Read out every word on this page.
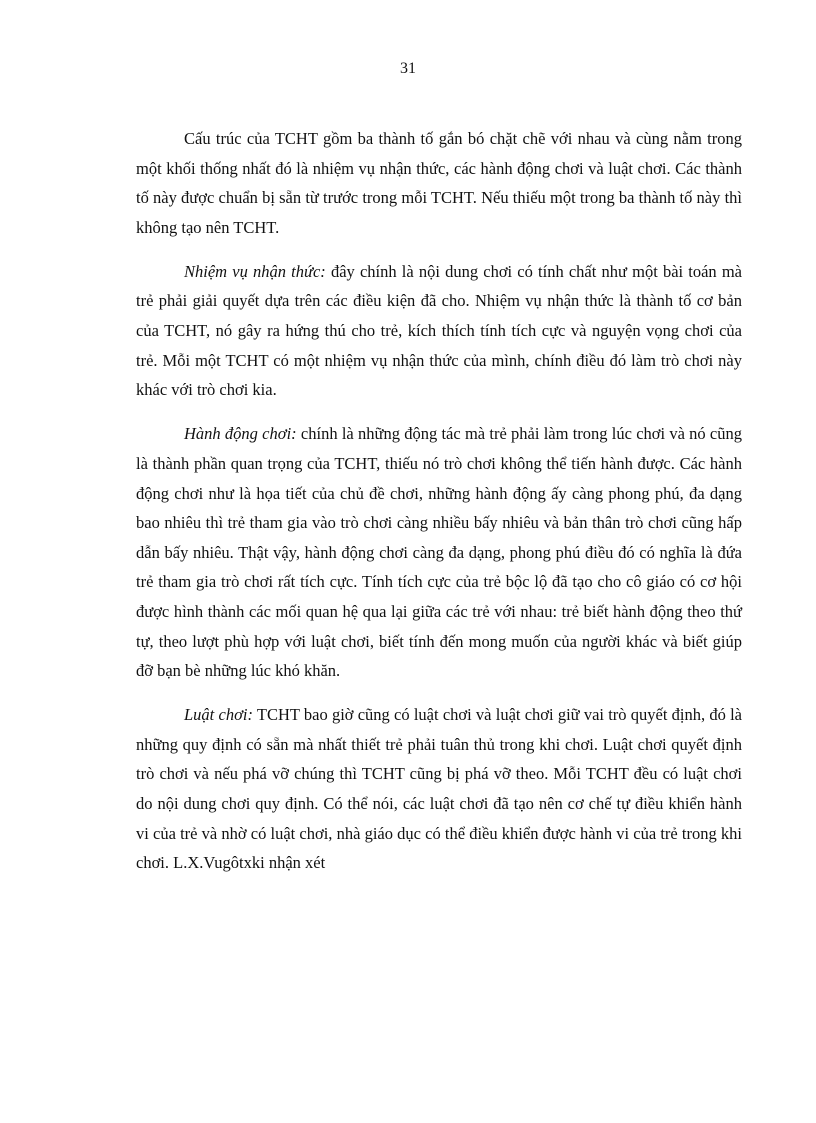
31

Cấu trúc của TCHT gồm ba thành tố gắn bó chặt chẽ với nhau và cùng nằm trong một khối thống nhất đó là nhiệm vụ nhận thức, các hành động chơi và luật chơi. Các thành tố này được chuẩn bị sẵn từ trước trong mỗi TCHT. Nếu thiếu một trong ba thành tố này thì không tạo nên TCHT.

Nhiệm vụ nhận thức: đây chính là nội dung chơi có tính chất như một bài toán mà trẻ phải giải quyết dựa trên các điều kiện đã cho. Nhiệm vụ nhận thức là thành tố cơ bản của TCHT, nó gây ra hứng thú cho trẻ, kích thích tính tích cực và nguyện vọng chơi của trẻ. Mỗi một TCHT có một nhiệm vụ nhận thức của mình, chính điều đó làm trò chơi này khác với trò chơi kia.

Hành động chơi: chính là những động tác mà trẻ phải làm trong lúc chơi và nó cũng là thành phần quan trọng của TCHT, thiếu nó trò chơi không thể tiến hành được. Các hành động chơi như là họa tiết của chủ đề chơi, những hành động ấy càng phong phú, đa dạng bao nhiêu thì trẻ tham gia vào trò chơi càng nhiều bấy nhiêu và bản thân trò chơi cũng hấp dẫn bấy nhiêu. Thật vậy, hành động chơi càng đa dạng, phong phú điều đó có nghĩa là đứa trẻ tham gia trò chơi rất tích cực. Tính tích cực của trẻ bộc lộ đã tạo cho cô giáo có cơ hội được hình thành các mối quan hệ qua lại giữa các trẻ với nhau: trẻ biết hành động theo thứ tự, theo lượt phù hợp với luật chơi, biết tính đến mong muốn của người khác và biết giúp đỡ bạn bè những lúc khó khăn.

Luật chơi: TCHT bao giờ cũng có luật chơi và luật chơi giữ vai trò quyết định, đó là những quy định có sẵn mà nhất thiết trẻ phải tuân thủ trong khi chơi. Luật chơi quyết định trò chơi và nếu phá vỡ chúng thì TCHT cũng bị phá vỡ theo. Mỗi TCHT đều có luật chơi do nội dung chơi quy định. Có thể nói, các luật chơi đã tạo nên cơ chế tự điều khiển hành vi của trẻ và nhờ có luật chơi, nhà giáo dục có thể điều khiển được hành vi của trẻ trong khi chơi. L.X.Vugôtxki nhận xét
